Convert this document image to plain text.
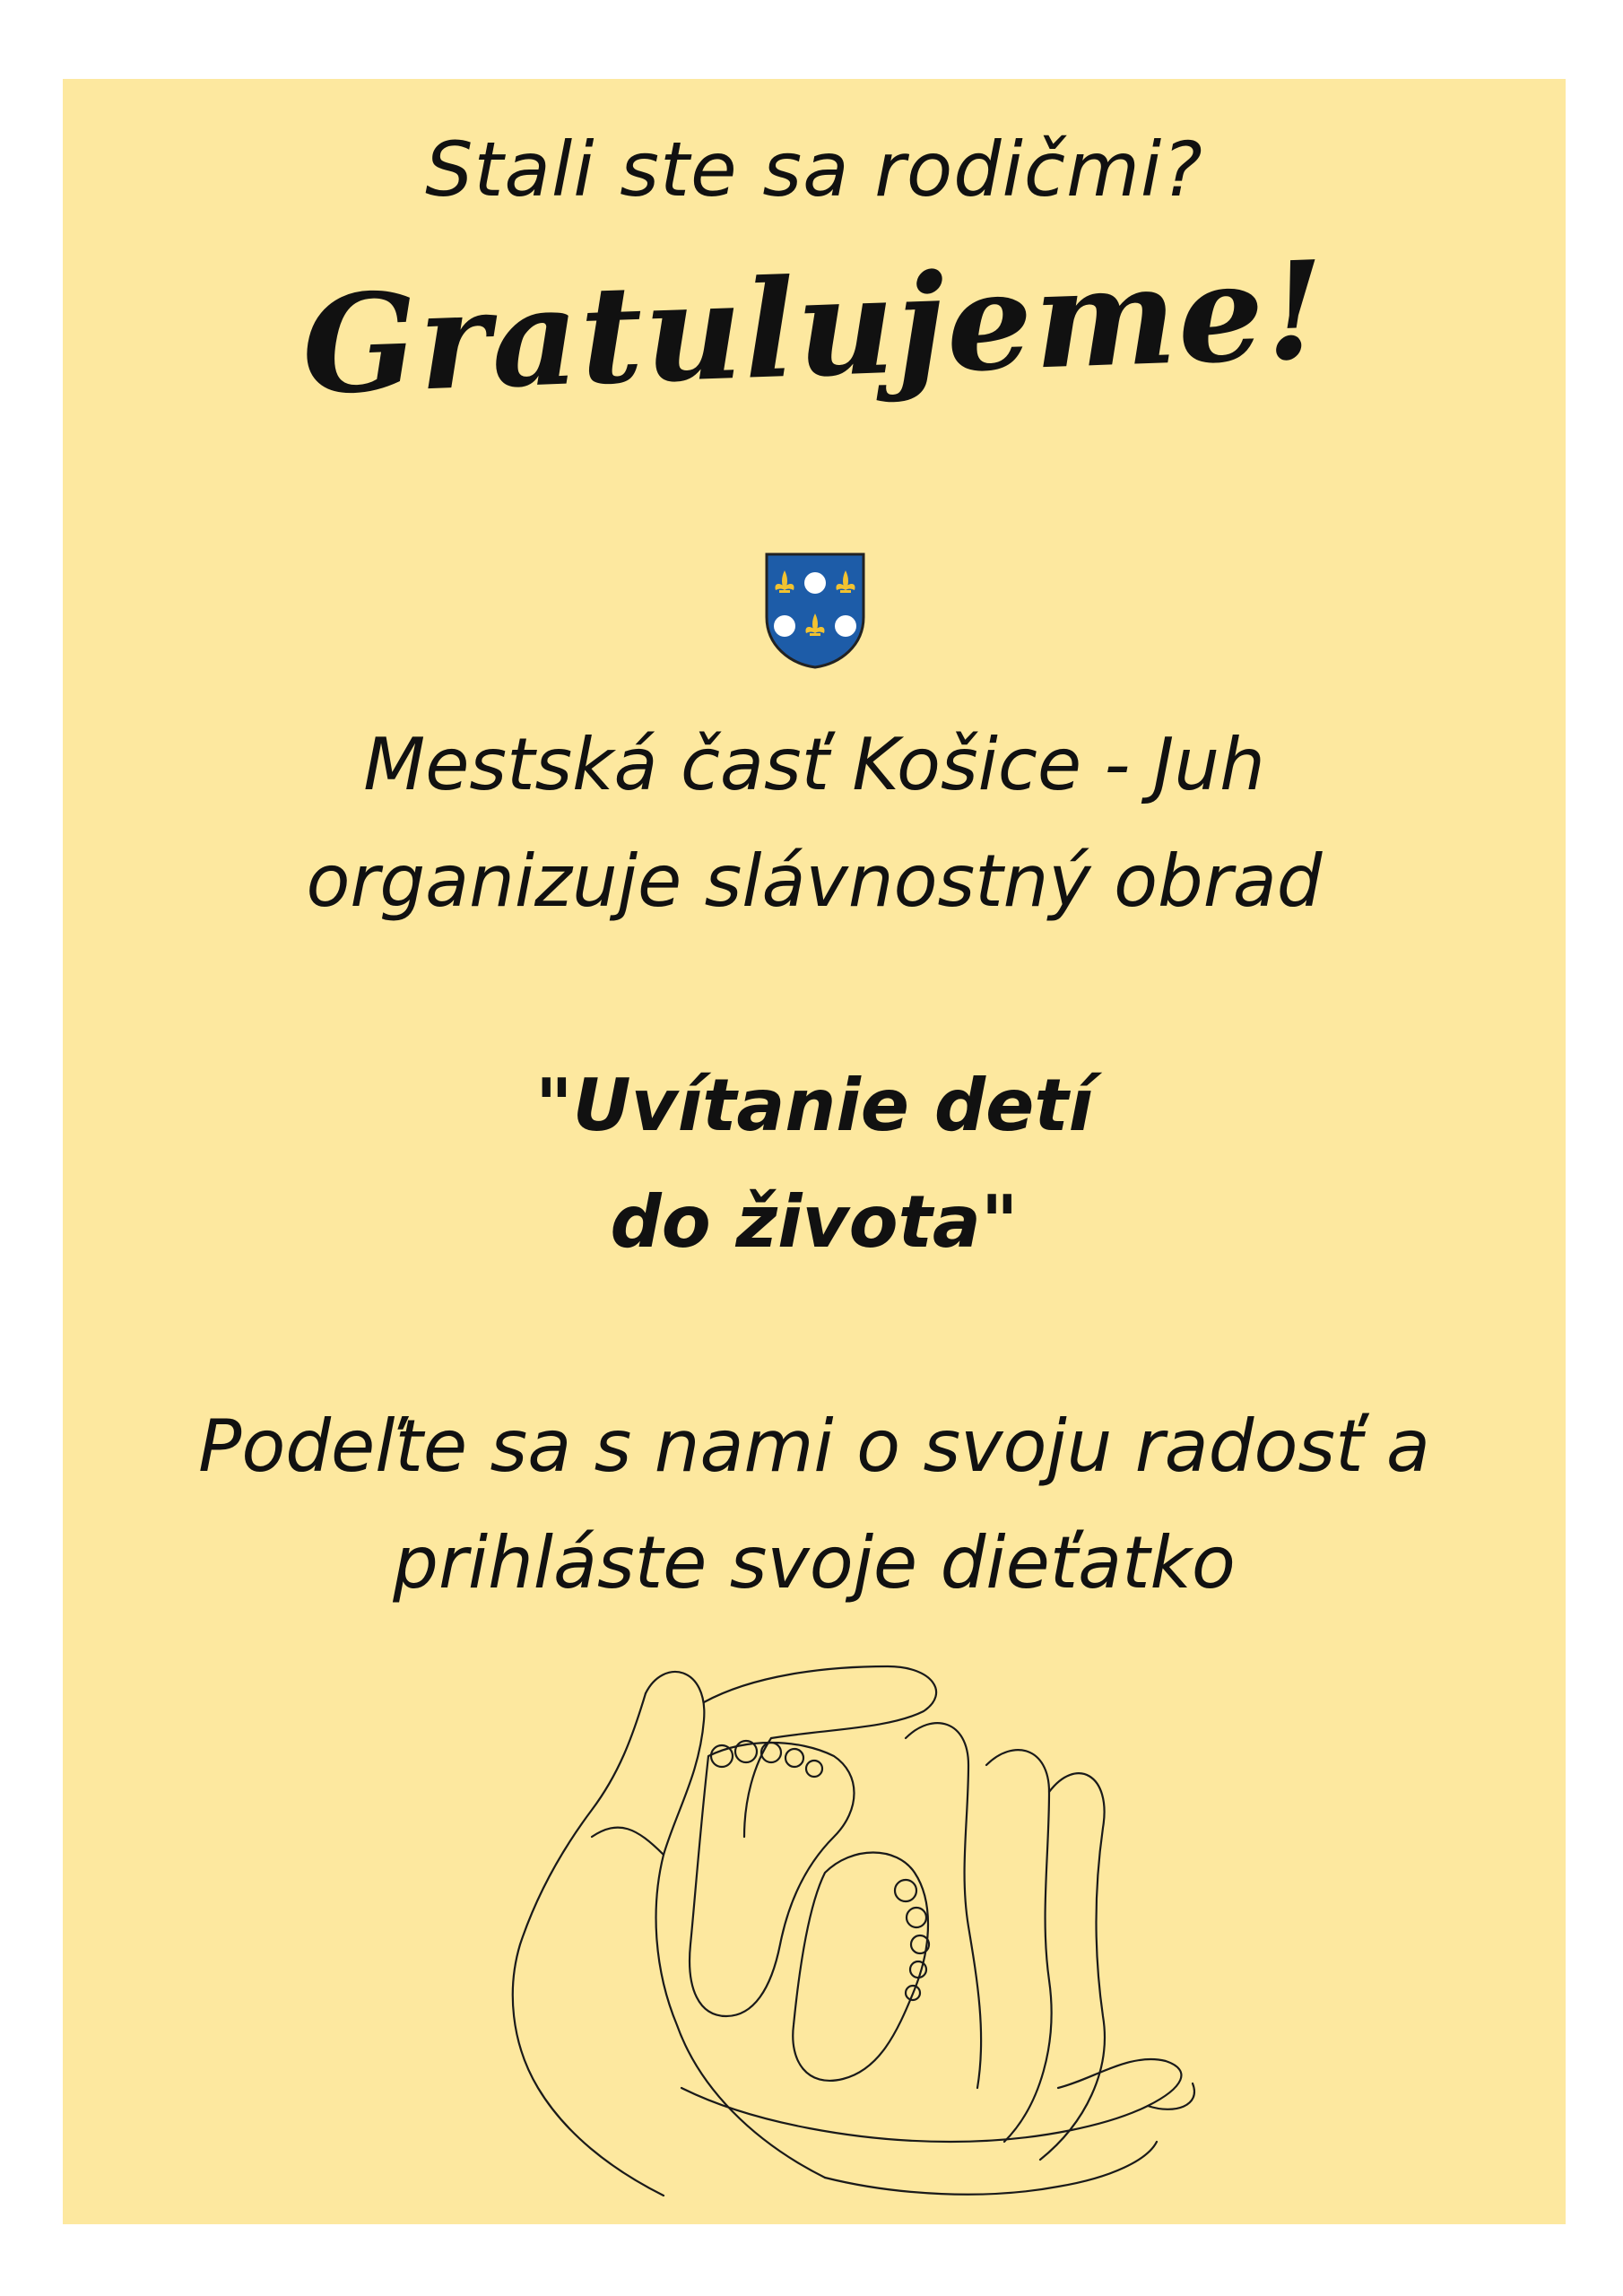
Stali ste sa rodičmi?
Gratulujeme!
Mestská časť Košice - Juh
organizuje slávnostný obrad
"Uvítanie detí
do života"
Podeľte sa s nami o svoju radosť a
prihláste svoje dieťatko
